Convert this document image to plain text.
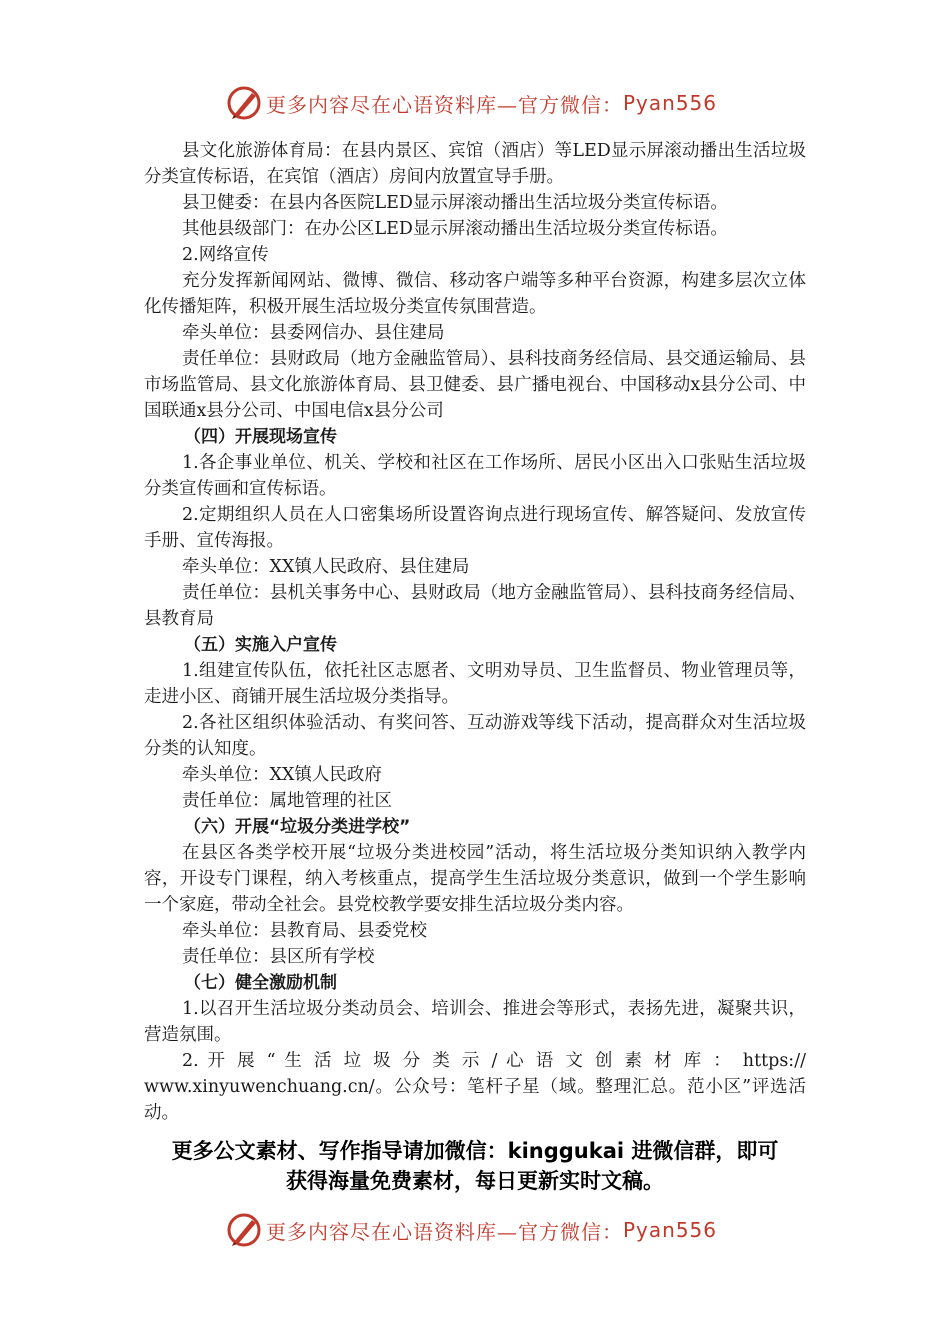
更多内容尽在心语资料库—官方微信： Pyan556

县文化旅游体育局：在县内景区、宾馆（酒店）等LED显示屏滚动播出生活垃圾分类宣传标语，在宾馆（酒店）房间内放置宣导手册。

县卫健委：在县内各医院LED显示屏滚动播出生活垃圾分类宣传标语。

其他县级部门：在办公区LED显示屏滚动播出生活垃圾分类宣传标语。

2.网络宣传

充分发挥新闻网站、微博、微信、移动客户端等多种平台资源，构建多层次立体化传播矩阵，积极开展生活垃圾分类宣传氛围营造。

牵头单位：县委网信办、县住建局

责任单位：县财政局（地方金融监管局）、县科技商务经信局、县交通运输局、县市场监管局、县文化旅游体育局、县卫健委、县广播电视台、中国移动x县分公司、中国联通x县分公司、中国电信x县分公司

（四）开展现场宣传

1.各企事业单位、机关、学校和社区在工作场所、居民小区出入口张贴生活垃圾分类宣传画和宣传标语。

2.定期组织人员在人口密集场所设置咨询点进行现场宣传、解答疑问、发放宣传手册、宣传海报。

牵头单位：XX镇人民政府、县住建局

责任单位：县机关事务中心、县财政局（地方金融监管局）、县科技商务经信局、县教育局

（五）实施入户宣传

1.组建宣传队伍，依托社区志愿者、文明劝导员、卫生监督员、物业管理员等，走进小区、商铺开展生活垃圾分类指导。

2.各社区组织体验活动、有奖问答、互动游戏等线下活动，提高群众对生活垃圾分类的认知度。

牵头单位：XX镇人民政府

责任单位：属地管理的社区

（六）开展“垃圾分类进学校”

在县区各类学校开展“垃圾分类进校园”活动，将生活垃圾分类知识纳入教学内容，开设专门课程，纳入考核重点，提高学生生活垃圾分类意识，做到一个学生影响一个家庭，带动全社会。县党校教学要安排生活垃圾分类内容。

牵头单位：县教育局、县委党校

责任单位：县区所有学校

（七）健全激励机制

1.以召开生活垃圾分类动员会、培训会、推进会等形式，表扬先进，凝聚共识，营造氛围。

2. 开 展 “ 生 活 垃 圾 分 类 示 / 心 语 文 创 素 材 库 ： https://

www.xinyuwenchuang.cn/。公众号：笔杆子星（域。整理汇总。范小区”评选活动。

更多公文素材、写作指导请加微信：kinggukai 进微信群，即可
获得海量免费素材，每日更新实时文稿。
更多内容尽在心语资料库—官方微信： Pyan556
